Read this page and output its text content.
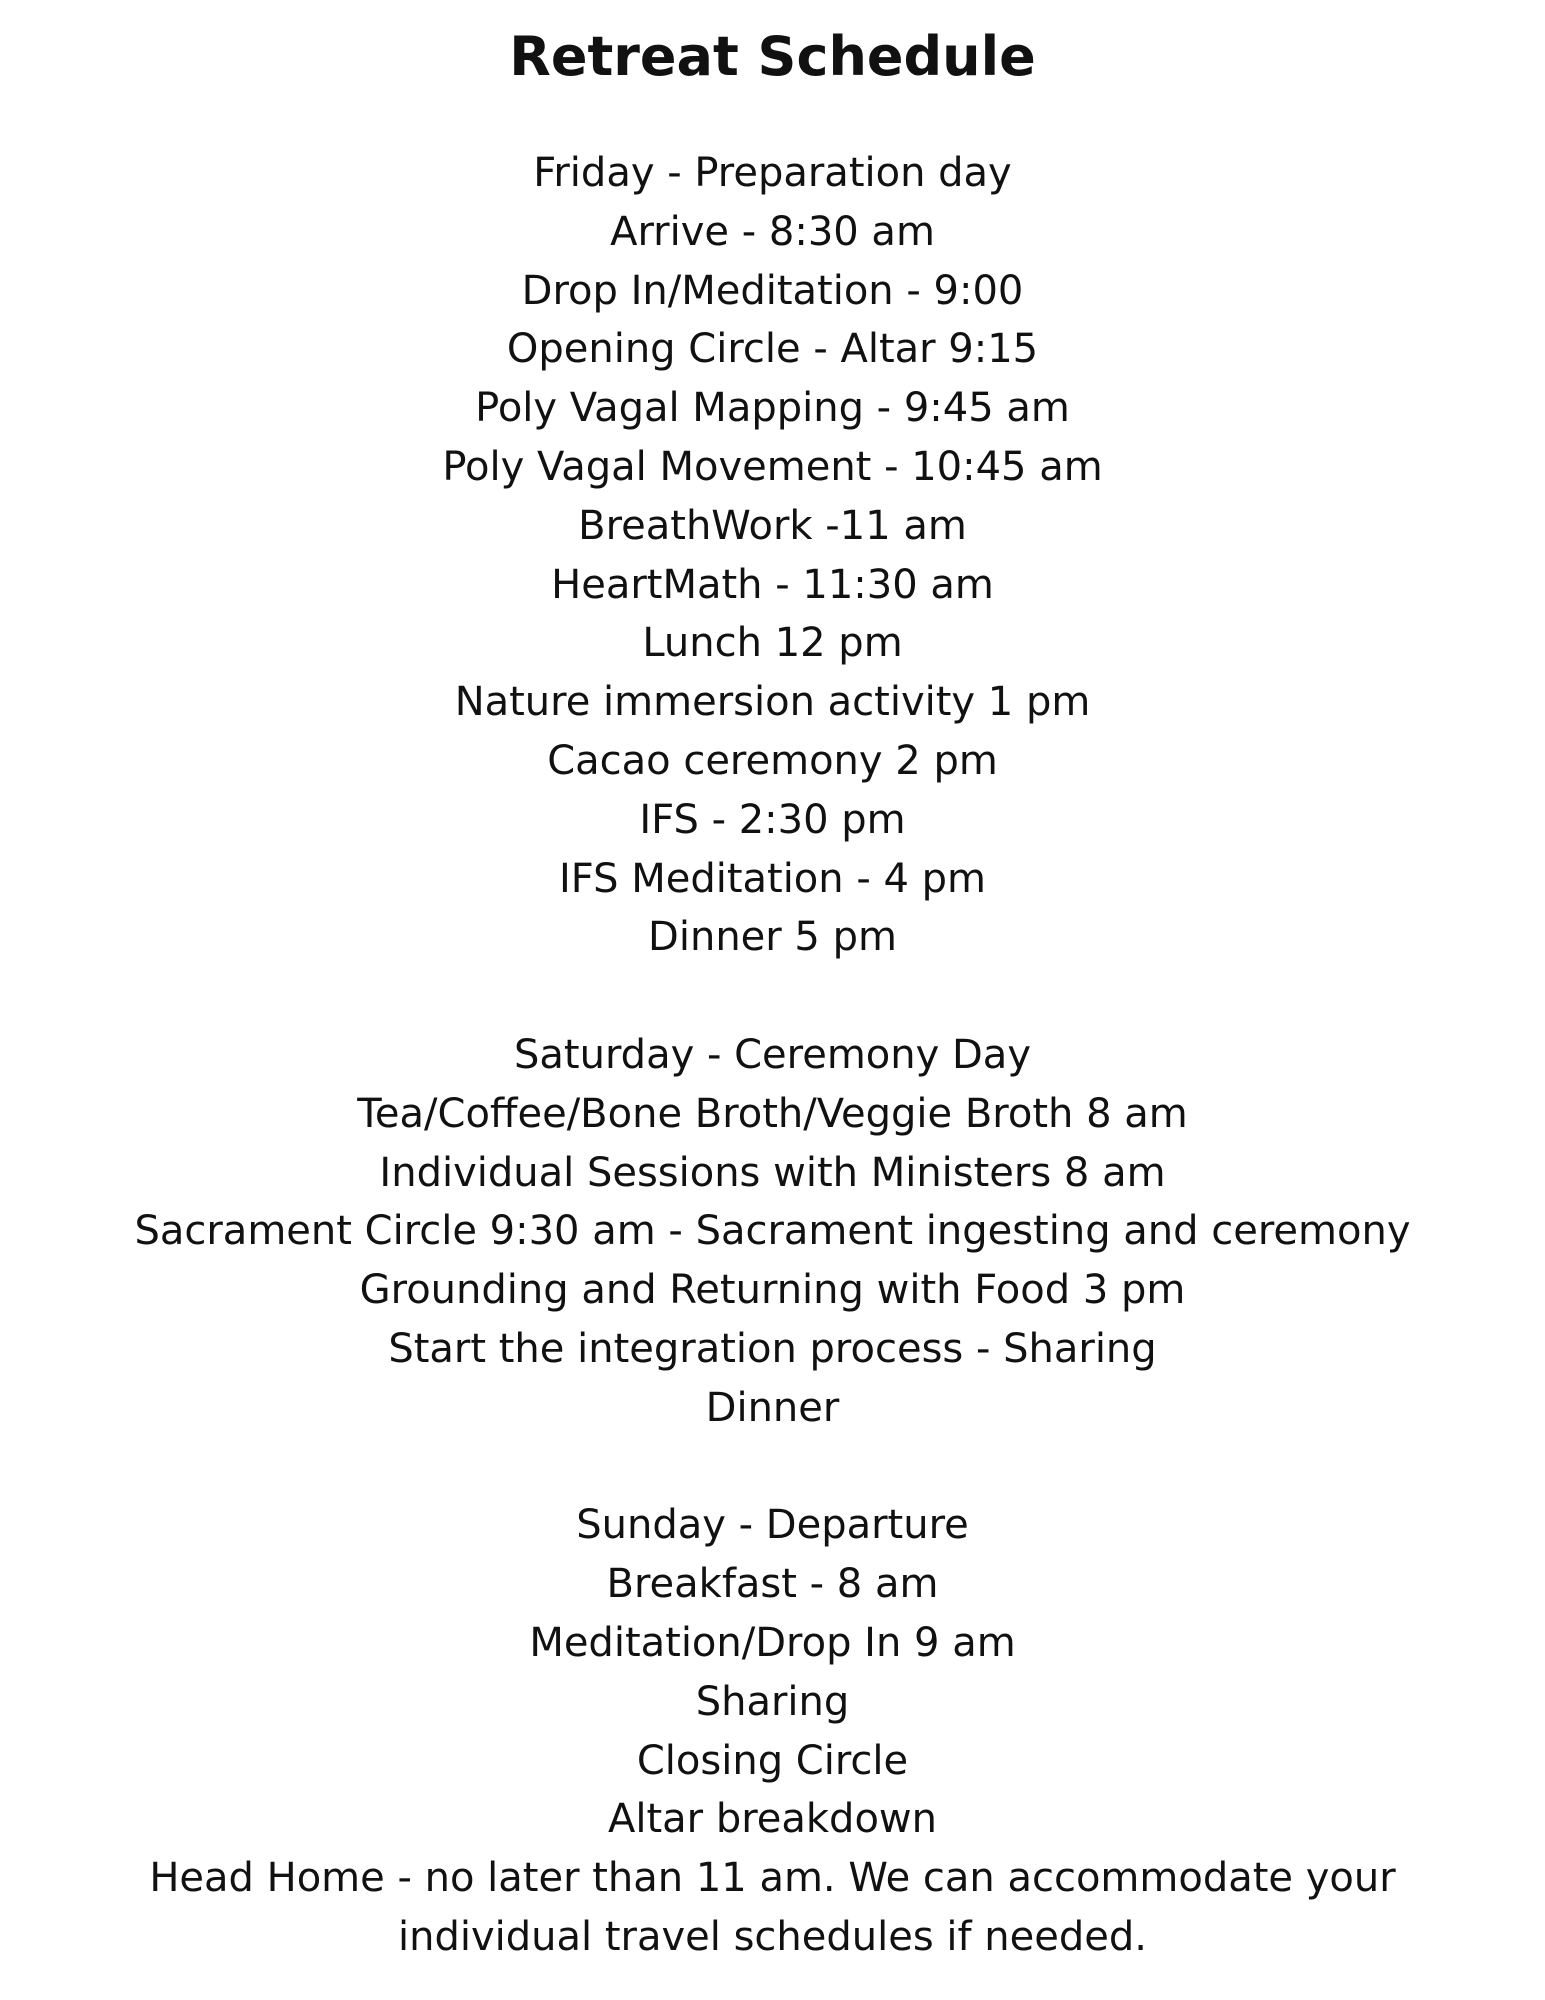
Retreat Schedule
Friday - Preparation day
Arrive - 8:30 am
Drop In/Meditation - 9:00
Opening Circle - Altar 9:15
Poly Vagal Mapping - 9:45 am
Poly Vagal Movement - 10:45 am
BreathWork -11 am
HeartMath - 11:30 am
Lunch 12 pm
Nature immersion activity 1 pm
Cacao ceremony 2 pm
IFS - 2:30 pm
IFS Meditation - 4 pm
Dinner 5 pm
Saturday - Ceremony Day
Tea/Coffee/Bone Broth/Veggie Broth 8 am
Individual Sessions with Ministers 8 am
Sacrament Circle 9:30 am - Sacrament ingesting and ceremony
Grounding and Returning with Food 3 pm
Start the integration process - Sharing
Dinner
Sunday - Departure
Breakfast - 8 am
Meditation/Drop In 9 am
Sharing
Closing Circle
Altar breakdown
Head Home - no later than 11 am. We can accommodate your individual travel schedules if needed.
